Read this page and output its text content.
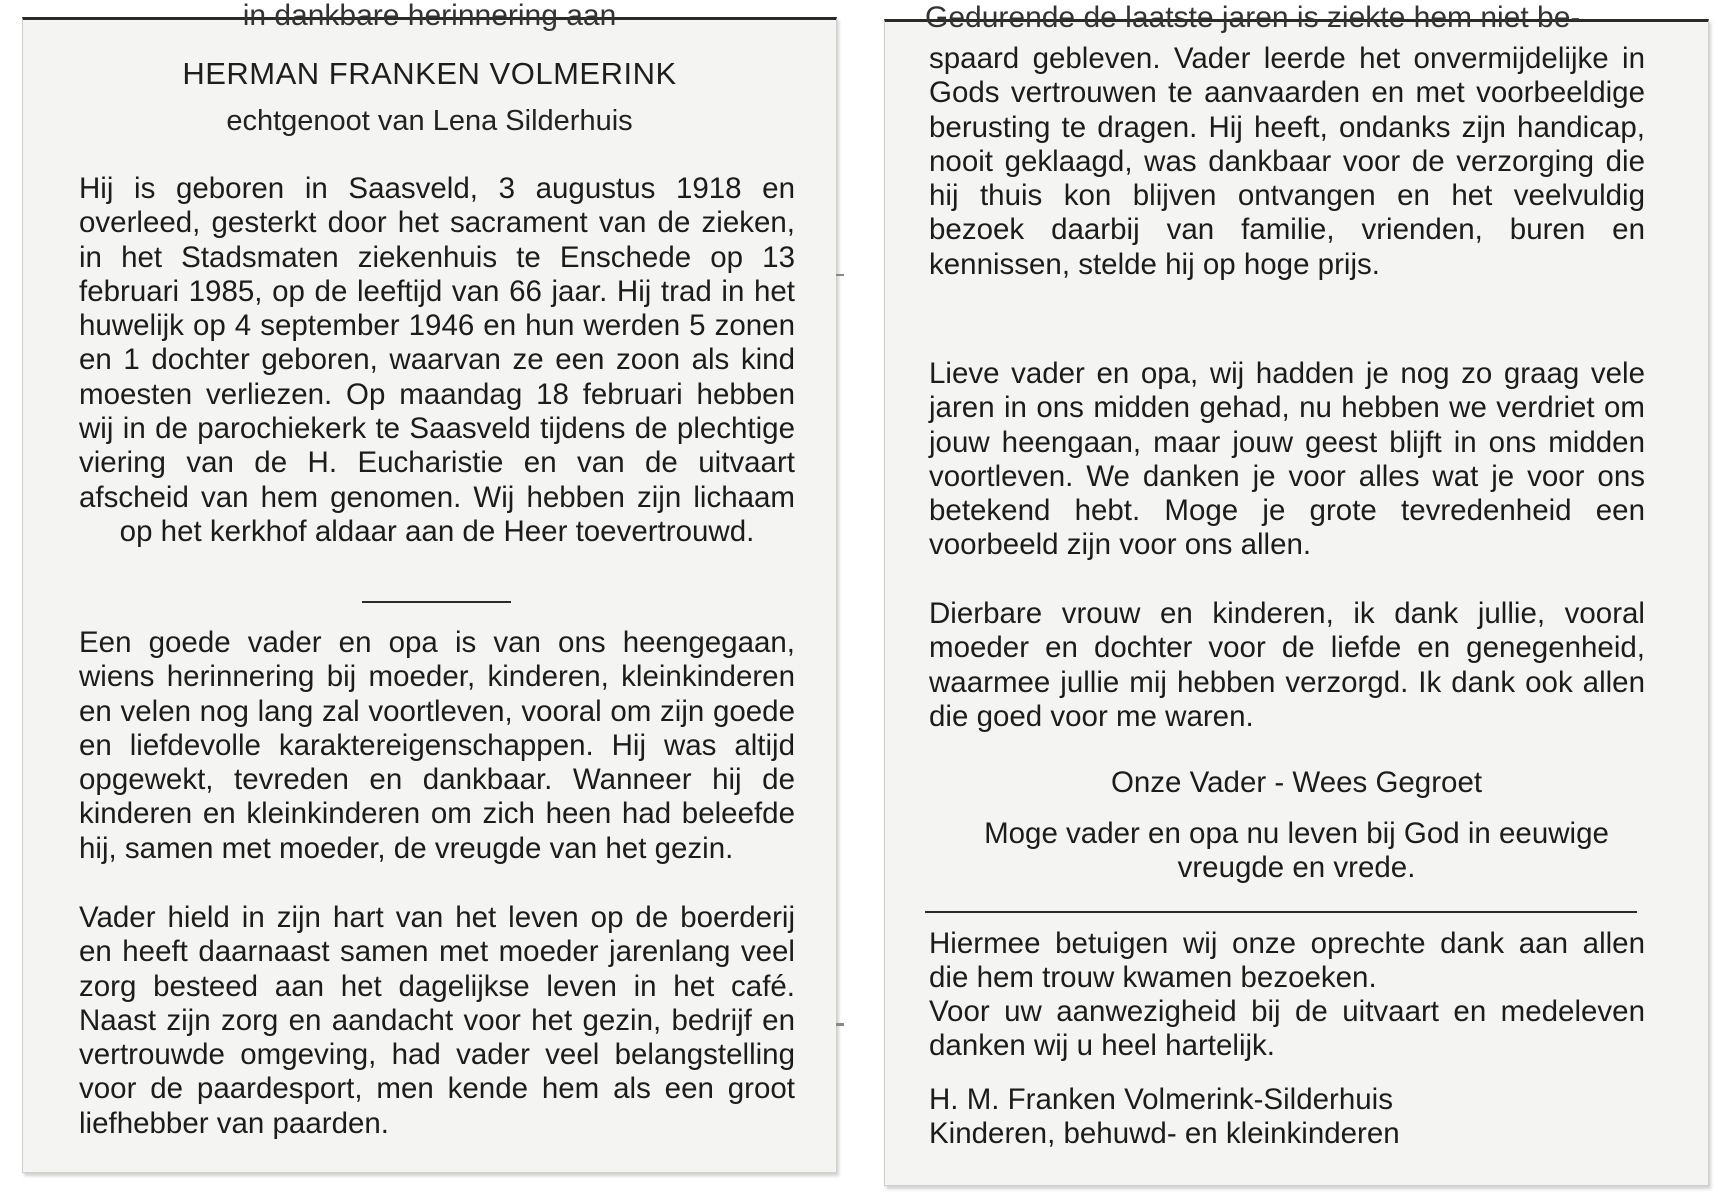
in dankbare herinnering aan
HERMAN FRANKEN VOLMERINK
echtgenoot van Lena Silderhuis
Hij is geboren in Saasveld, 3 augustus 1918 en overleed, gesterkt door het sacrament van de zieken, in het Stadsmaten ziekenhuis te Enschede op 13 februari 1985, op de leeftijd van 66 jaar. Hij trad in het huwelijk op 4 september 1946 en hun werden 5 zonen en 1 dochter geboren, waarvan ze een zoon als kind moesten verliezen. Op maandag 18 februari hebben wij in de parochiekerk te Saasveld tijdens de plechtige viering van de H. Eucharistie en van de uitvaart afscheid van hem genomen. Wij hebben zijn lichaam op het kerkhof aldaar aan de Heer toevertrouwd.
Een goede vader en opa is van ons heengegaan, wiens herinnering bij moeder, kinderen, kleinkinderen en velen nog lang zal voortleven, vooral om zijn goede en liefdevolle karaktereigenschappen. Hij was altijd opgewekt, tevreden en dankbaar. Wanneer hij de kinderen en kleinkinderen om zich heen had beleefde hij, samen met moeder, de vreugde van het gezin.
Vader hield in zijn hart van het leven op de boerderij en heeft daarnaast samen met moeder jarenlang veel zorg besteed aan het dagelijkse leven in het café. Naast zijn zorg en aandacht voor het gezin, bedrijf en vertrouwde omgeving, had vader veel belangstelling voor de paardesport, men kende hem als een groot liefhebber van paarden.
Gedurende de laatste jaren is ziekte hem niet be-
spaard gebleven. Vader leerde het onvermijdelijke in Gods vertrouwen te aanvaarden en met voorbeeldige berusting te dragen. Hij heeft, ondanks zijn handicap, nooit geklaagd, was dankbaar voor de verzorging die hij thuis kon blijven ontvangen en het veelvuldig bezoek daarbij van familie, vrienden, buren en kennissen, stelde hij op hoge prijs.
Lieve vader en opa, wij hadden je nog zo graag vele jaren in ons midden gehad, nu hebben we verdriet om jouw heengaan, maar jouw geest blijft in ons midden voortleven. We danken je voor alles wat je voor ons betekend hebt. Moge je grote tevredenheid een voorbeeld zijn voor ons allen.
Dierbare vrouw en kinderen, ik dank jullie, vooral moeder en dochter voor de liefde en genegenheid, waarmee jullie mij hebben verzorgd. Ik dank ook allen die goed voor me waren.
Onze Vader - Wees Gegroet
Moge vader en opa nu leven bij God in eeuwige
vreugde en vrede.
Hiermee betuigen wij onze oprechte dank aan allen die hem trouw kwamen bezoeken.
Voor uw aanwezigheid bij de uitvaart en medeleven danken wij u heel hartelijk.
H. M. Franken Volmerink-Silderhuis
Kinderen, behuwd- en kleinkinderen
